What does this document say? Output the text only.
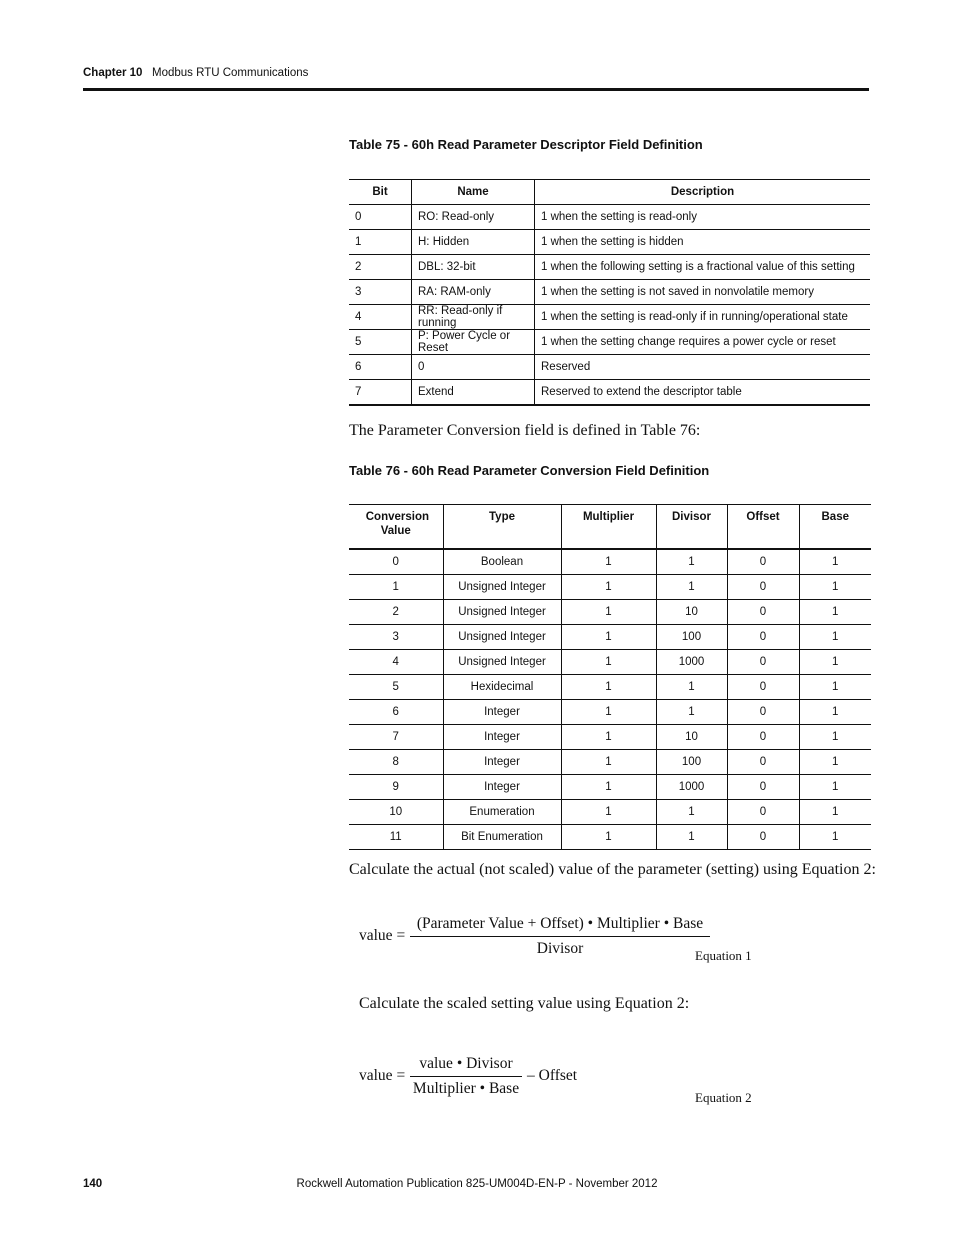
Chapter 10 Modbus RTU Communications
Table 75 - 60h Read Parameter Descriptor Field Definition
Bit	Name	Description
0	RO: Read-only	1 when the setting is read-only
1	H: Hidden	1 when the setting is hidden
2	DBL: 32-bit	1 when the following setting is a fractional value of this setting
3	RA: RAM-only	1 when the setting is not saved in nonvolatile memory
4	RR: Read-only if running	1 when the setting is read-only if in running/operational state
5	P: Power Cycle or Reset	1 when the setting change requires a power cycle or reset
6	0	Reserved
7	Extend	Reserved to extend the descriptor table
The Parameter Conversion field is defined in Table 76:
Table 76 - 60h Read Parameter Conversion Field Definition
Conversion Value	Type	Multiplier	Divisor	Offset	Base
0	Boolean	1	1	0	1
1	Unsigned Integer	1	1	0	1
2	Unsigned Integer	1	10	0	1
3	Unsigned Integer	1	100	0	1
4	Unsigned Integer	1	1000	0	1
5	Hexidecimal	1	1	0	1
6	Integer	1	1	0	1
7	Integer	1	10	0	1
8	Integer	1	100	0	1
9	Integer	1	1000	0	1
10	Enumeration	1	1	0	1
11	Bit Enumeration	1	1	0	1
Calculate the actual (not scaled) value of the parameter (setting) using Equation 2:
value =
(Parameter Value + Offset) • Multiplier • Base
Divisor	Equation 1
Calculate the scaled setting value using Equation 2:
value =
value • Divisor
Multiplier • Base
– Offset
Equation 2
Rockwell Automation Publication 825-UM004D-EN-P - November 2012
140
